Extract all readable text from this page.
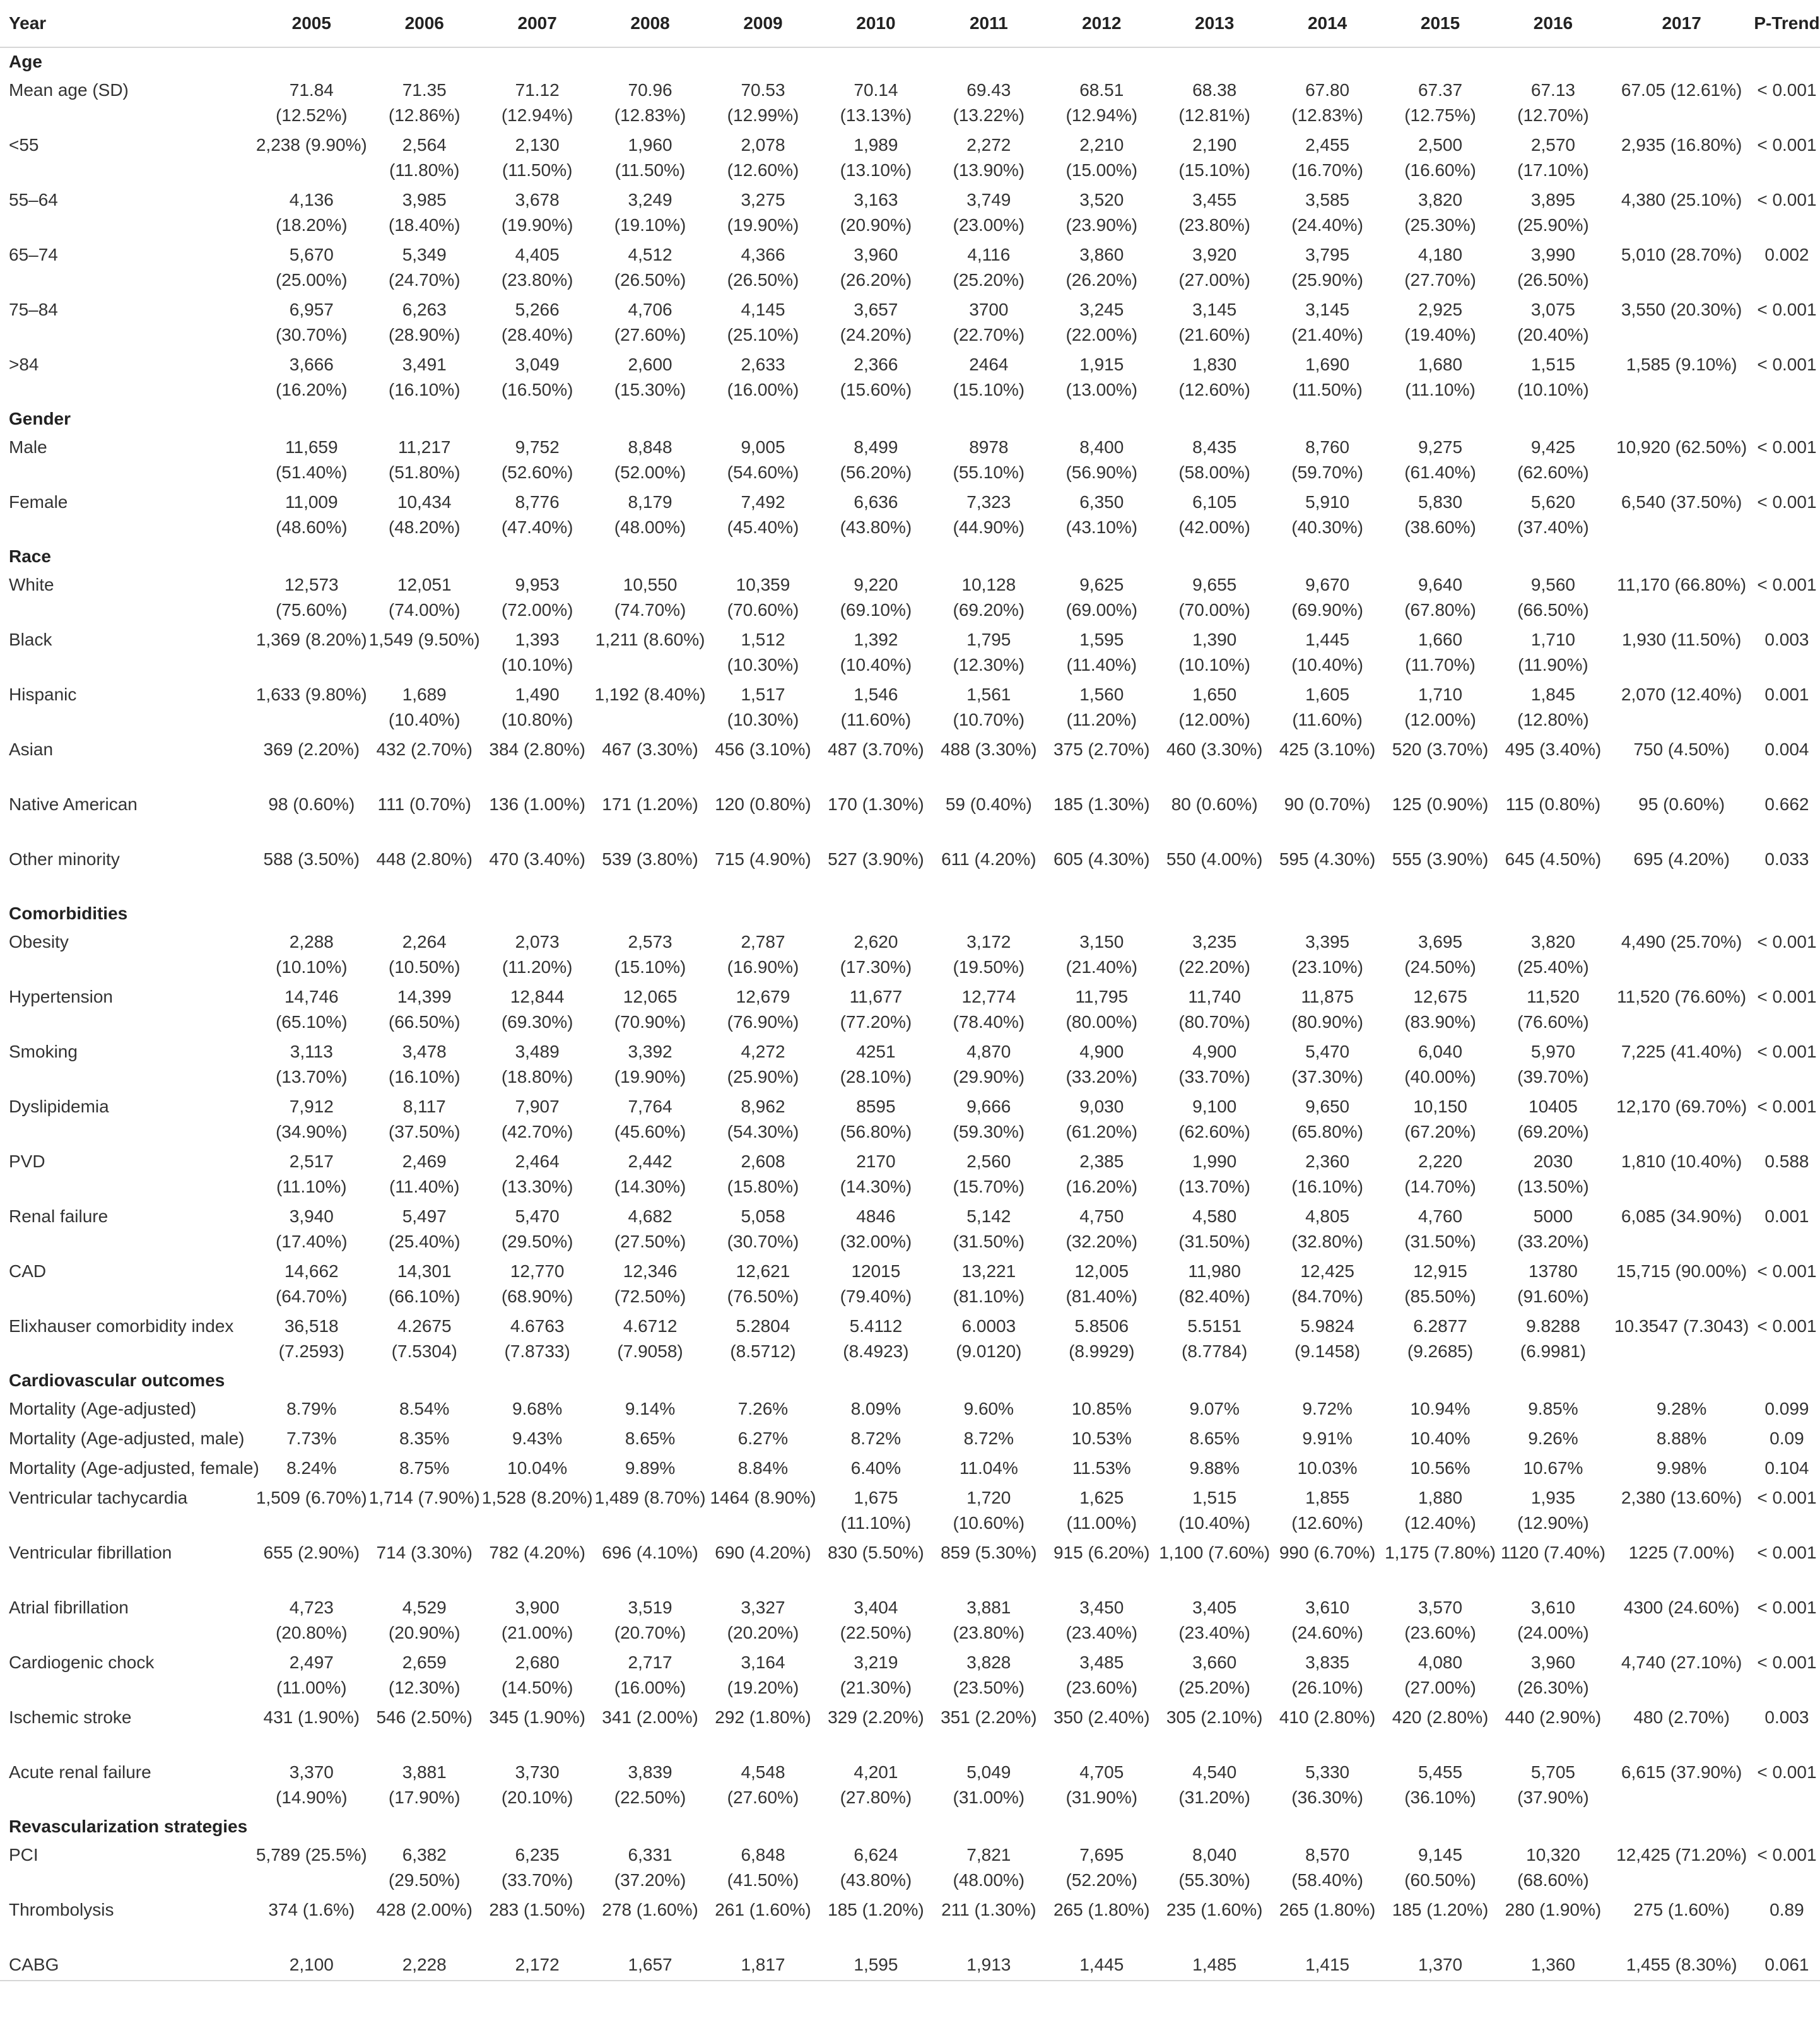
Year	2005	2006	2007	2008	2009	2010	2011	2012	2013	2014	2015	2016	2017	P-Trend
Age														
Mean age (SD)	71.84 (12.52%)	71.35 (12.86%)	71.12 (12.94%)	70.96 (12.83%)	70.53 (12.99%)	70.14 (13.13%)	69.43 (13.22%)	68.51 (12.94%)	68.38 (12.81%)	67.80 (12.83%)	67.37 (12.75%)	67.13 (12.70%)	67.05 (12.61%)	< 0.001
<55	2,238 (9.90%)	2,564 (11.80%)	2,130 (11.50%)	1,960 (11.50%)	2,078 (12.60%)	1,989 (13.10%)	2,272 (13.90%)	2,210 (15.00%)	2,190 (15.10%)	2,455 (16.70%)	2,500 (16.60%)	2,570 (17.10%)	2,935 (16.80%)	< 0.001
55–64	4,136 (18.20%)	3,985 (18.40%)	3,678 (19.90%)	3,249 (19.10%)	3,275 (19.90%)	3,163 (20.90%)	3,749 (23.00%)	3,520 (23.90%)	3,455 (23.80%)	3,585 (24.40%)	3,820 (25.30%)	3,895 (25.90%)	4,380 (25.10%)	< 0.001
65–74	5,670 (25.00%)	5,349 (24.70%)	4,405 (23.80%)	4,512 (26.50%)	4,366 (26.50%)	3,960 (26.20%)	4,116 (25.20%)	3,860 (26.20%)	3,920 (27.00%)	3,795 (25.90%)	4,180 (27.70%)	3,990 (26.50%)	5,010 (28.70%)	0.002
75–84	6,957 (30.70%)	6,263 (28.90%)	5,266 (28.40%)	4,706 (27.60%)	4,145 (25.10%)	3,657 (24.20%)	3700 (22.70%)	3,245 (22.00%)	3,145 (21.60%)	3,145 (21.40%)	2,925 (19.40%)	3,075 (20.40%)	3,550 (20.30%)	< 0.001
>84	3,666 (16.20%)	3,491 (16.10%)	3,049 (16.50%)	2,600 (15.30%)	2,633 (16.00%)	2,366 (15.60%)	2464 (15.10%)	1,915 (13.00%)	1,830 (12.60%)	1,690 (11.50%)	1,680 (11.10%)	1,515 (10.10%)	1,585 (9.10%)	< 0.001
Gender														
Male	11,659 (51.40%)	11,217 (51.80%)	9,752 (52.60%)	8,848 (52.00%)	9,005 (54.60%)	8,499 (56.20%)	8978 (55.10%)	8,400 (56.90%)	8,435 (58.00%)	8,760 (59.70%)	9,275 (61.40%)	9,425 (62.60%)	10,920 (62.50%)	< 0.001
Female	11,009 (48.60%)	10,434 (48.20%)	8,776 (47.40%)	8,179 (48.00%)	7,492 (45.40%)	6,636 (43.80%)	7,323 (44.90%)	6,350 (43.10%)	6,105 (42.00%)	5,910 (40.30%)	5,830 (38.60%)	5,620 (37.40%)	6,540 (37.50%)	< 0.001
Race														
White	12,573 (75.60%)	12,051 (74.00%)	9,953 (72.00%)	10,550 (74.70%)	10,359 (70.60%)	9,220 (69.10%)	10,128 (69.20%)	9,625 (69.00%)	9,655 (70.00%)	9,670 (69.90%)	9,640 (67.80%)	9,560 (66.50%)	11,170 (66.80%)	< 0.001
Black	1,369 (8.20%)	1,549 (9.50%)	1,393 (10.10%)	1,211 (8.60%)	1,512 (10.30%)	1,392 (10.40%)	1,795 (12.30%)	1,595 (11.40%)	1,390 (10.10%)	1,445 (10.40%)	1,660 (11.70%)	1,710 (11.90%)	1,930 (11.50%)	0.003
Hispanic	1,633 (9.80%)	1,689 (10.40%)	1,490 (10.80%)	1,192 (8.40%)	1,517 (10.30%)	1,546 (11.60%)	1,561 (10.70%)	1,560 (11.20%)	1,650 (12.00%)	1,605 (11.60%)	1,710 (12.00%)	1,845 (12.80%)	2,070 (12.40%)	0.001
Asian	369 (2.20%)	432 (2.70%)	384 (2.80%)	467 (3.30%)	456 (3.10%)	487 (3.70%)	488 (3.30%)	375 (2.70%)	460 (3.30%)	425 (3.10%)	520 (3.70%)	495 (3.40%)	750 (4.50%)	0.004
Native American	98 (0.60%)	111 (0.70%)	136 (1.00%)	171 (1.20%)	120 (0.80%)	170 (1.30%)	59 (0.40%)	185 (1.30%)	80 (0.60%)	90 (0.70%)	125 (0.90%)	115 (0.80%)	95 (0.60%)	0.662
Other minority	588 (3.50%)	448 (2.80%)	470 (3.40%)	539 (3.80%)	715 (4.90%)	527 (3.90%)	611 (4.20%)	605 (4.30%)	550 (4.00%)	595 (4.30%)	555 (3.90%)	645 (4.50%)	695 (4.20%)	0.033
Comorbidities														
Obesity	2,288 (10.10%)	2,264 (10.50%)	2,073 (11.20%)	2,573 (15.10%)	2,787 (16.90%)	2,620 (17.30%)	3,172 (19.50%)	3,150 (21.40%)	3,235 (22.20%)	3,395 (23.10%)	3,695 (24.50%)	3,820 (25.40%)	4,490 (25.70%)	< 0.001
Hypertension	14,746 (65.10%)	14,399 (66.50%)	12,844 (69.30%)	12,065 (70.90%)	12,679 (76.90%)	11,677 (77.20%)	12,774 (78.40%)	11,795 (80.00%)	11,740 (80.70%)	11,875 (80.90%)	12,675 (83.90%)	11,520 (76.60%)	11,520 (76.60%)	< 0.001
Smoking	3,113 (13.70%)	3,478 (16.10%)	3,489 (18.80%)	3,392 (19.90%)	4,272 (25.90%)	4251 (28.10%)	4,870 (29.90%)	4,900 (33.20%)	4,900 (33.70%)	5,470 (37.30%)	6,040 (40.00%)	5,970 (39.70%)	7,225 (41.40%)	< 0.001
Dyslipidemia	7,912 (34.90%)	8,117 (37.50%)	7,907 (42.70%)	7,764 (45.60%)	8,962 (54.30%)	8595 (56.80%)	9,666 (59.30%)	9,030 (61.20%)	9,100 (62.60%)	9,650 (65.80%)	10,150 (67.20%)	10405 (69.20%)	12,170 (69.70%)	< 0.001
PVD	2,517 (11.10%)	2,469 (11.40%)	2,464 (13.30%)	2,442 (14.30%)	2,608 (15.80%)	2170 (14.30%)	2,560 (15.70%)	2,385 (16.20%)	1,990 (13.70%)	2,360 (16.10%)	2,220 (14.70%)	2030 (13.50%)	1,810 (10.40%)	0.588
Renal failure	3,940 (17.40%)	5,497 (25.40%)	5,470 (29.50%)	4,682 (27.50%)	5,058 (30.70%)	4846 (32.00%)	5,142 (31.50%)	4,750 (32.20%)	4,580 (31.50%)	4,805 (32.80%)	4,760 (31.50%)	5000 (33.20%)	6,085 (34.90%)	0.001
CAD	14,662 (64.70%)	14,301 (66.10%)	12,770 (68.90%)	12,346 (72.50%)	12,621 (76.50%)	12015 (79.40%)	13,221 (81.10%)	12,005 (81.40%)	11,980 (82.40%)	12,425 (84.70%)	12,915 (85.50%)	13780 (91.60%)	15,715 (90.00%)	< 0.001
Elixhauser comorbidity index	36,518 (7.2593)	4.2675 (7.5304)	4.6763 (7.8733)	4.6712 (7.9058)	5.2804 (8.5712)	5.4112 (8.4923)	6.0003 (9.0120)	5.8506 (8.9929)	5.5151 (8.7784)	5.9824 (9.1458)	6.2877 (9.2685)	9.8288 (6.9981)	10.3547 (7.3043)	< 0.001
Cardiovascular outcomes														
Mortality (Age-adjusted)	8.79%	8.54%	9.68%	9.14%	7.26%	8.09%	9.60%	10.85%	9.07%	9.72%	10.94%	9.85%	9.28%	0.099
Mortality (Age-adjusted, male)	7.73%	8.35%	9.43%	8.65%	6.27%	8.72%	8.72%	10.53%	8.65%	9.91%	10.40%	9.26%	8.88%	0.09
Mortality (Age-adjusted, female)	8.24%	8.75%	10.04%	9.89%	8.84%	6.40%	11.04%	11.53%	9.88%	10.03%	10.56%	10.67%	9.98%	0.104
Ventricular tachycardia	1,509 (6.70%)	1,714 (7.90%)	1,528 (8.20%)	1,489 (8.70%)	1464 (8.90%)	1,675 (11.10%)	1,720 (10.60%)	1,625 (11.00%)	1,515 (10.40%)	1,855 (12.60%)	1,880 (12.40%)	1,935 (12.90%)	2,380 (13.60%)	< 0.001
Ventricular fibrillation	655 (2.90%)	714 (3.30%)	782 (4.20%)	696 (4.10%)	690 (4.20%)	830 (5.50%)	859 (5.30%)	915 (6.20%)	1,100 (7.60%)	990 (6.70%)	1,175 (7.80%)	1120 (7.40%)	1225 (7.00%)	< 0.001
Atrial fibrillation	4,723 (20.80%)	4,529 (20.90%)	3,900 (21.00%)	3,519 (20.70%)	3,327 (20.20%)	3,404 (22.50%)	3,881 (23.80%)	3,450 (23.40%)	3,405 (23.40%)	3,610 (24.60%)	3,570 (23.60%)	3,610 (24.00%)	4300 (24.60%)	< 0.001
Cardiogenic chock	2,497 (11.00%)	2,659 (12.30%)	2,680 (14.50%)	2,717 (16.00%)	3,164 (19.20%)	3,219 (21.30%)	3,828 (23.50%)	3,485 (23.60%)	3,660 (25.20%)	3,835 (26.10%)	4,080 (27.00%)	3,960 (26.30%)	4,740 (27.10%)	< 0.001
Ischemic stroke	431 (1.90%)	546 (2.50%)	345 (1.90%)	341 (2.00%)	292 (1.80%)	329 (2.20%)	351 (2.20%)	350 (2.40%)	305 (2.10%)	410 (2.80%)	420 (2.80%)	440 (2.90%)	480 (2.70%)	0.003
Acute renal failure	3,370 (14.90%)	3,881 (17.90%)	3,730 (20.10%)	3,839 (22.50%)	4,548 (27.60%)	4,201 (27.80%)	5,049 (31.00%)	4,705 (31.90%)	4,540 (31.20%)	5,330 (36.30%)	5,455 (36.10%)	5,705 (37.90%)	6,615 (37.90%)	< 0.001
Revascularization strategies														
PCI	5,789 (25.5%)	6,382 (29.50%)	6,235 (33.70%)	6,331 (37.20%)	6,848 (41.50%)	6,624 (43.80%)	7,821 (48.00%)	7,695 (52.20%)	8,040 (55.30%)	8,570 (58.40%)	9,145 (60.50%)	10,320 (68.60%)	12,425 (71.20%)	< 0.001
Thrombolysis	374 (1.6%)	428 (2.00%)	283 (1.50%)	278 (1.60%)	261 (1.60%)	185 (1.20%)	211 (1.30%)	265 (1.80%)	235 (1.60%)	265 (1.80%)	185 (1.20%)	280 (1.90%)	275 (1.60%)	0.89
CABG	2,100	2,228	2,172	1,657	1,817	1,595	1,913	1,445	1,485	1,415	1,370	1,360	1,455 (8.30%)	0.061
